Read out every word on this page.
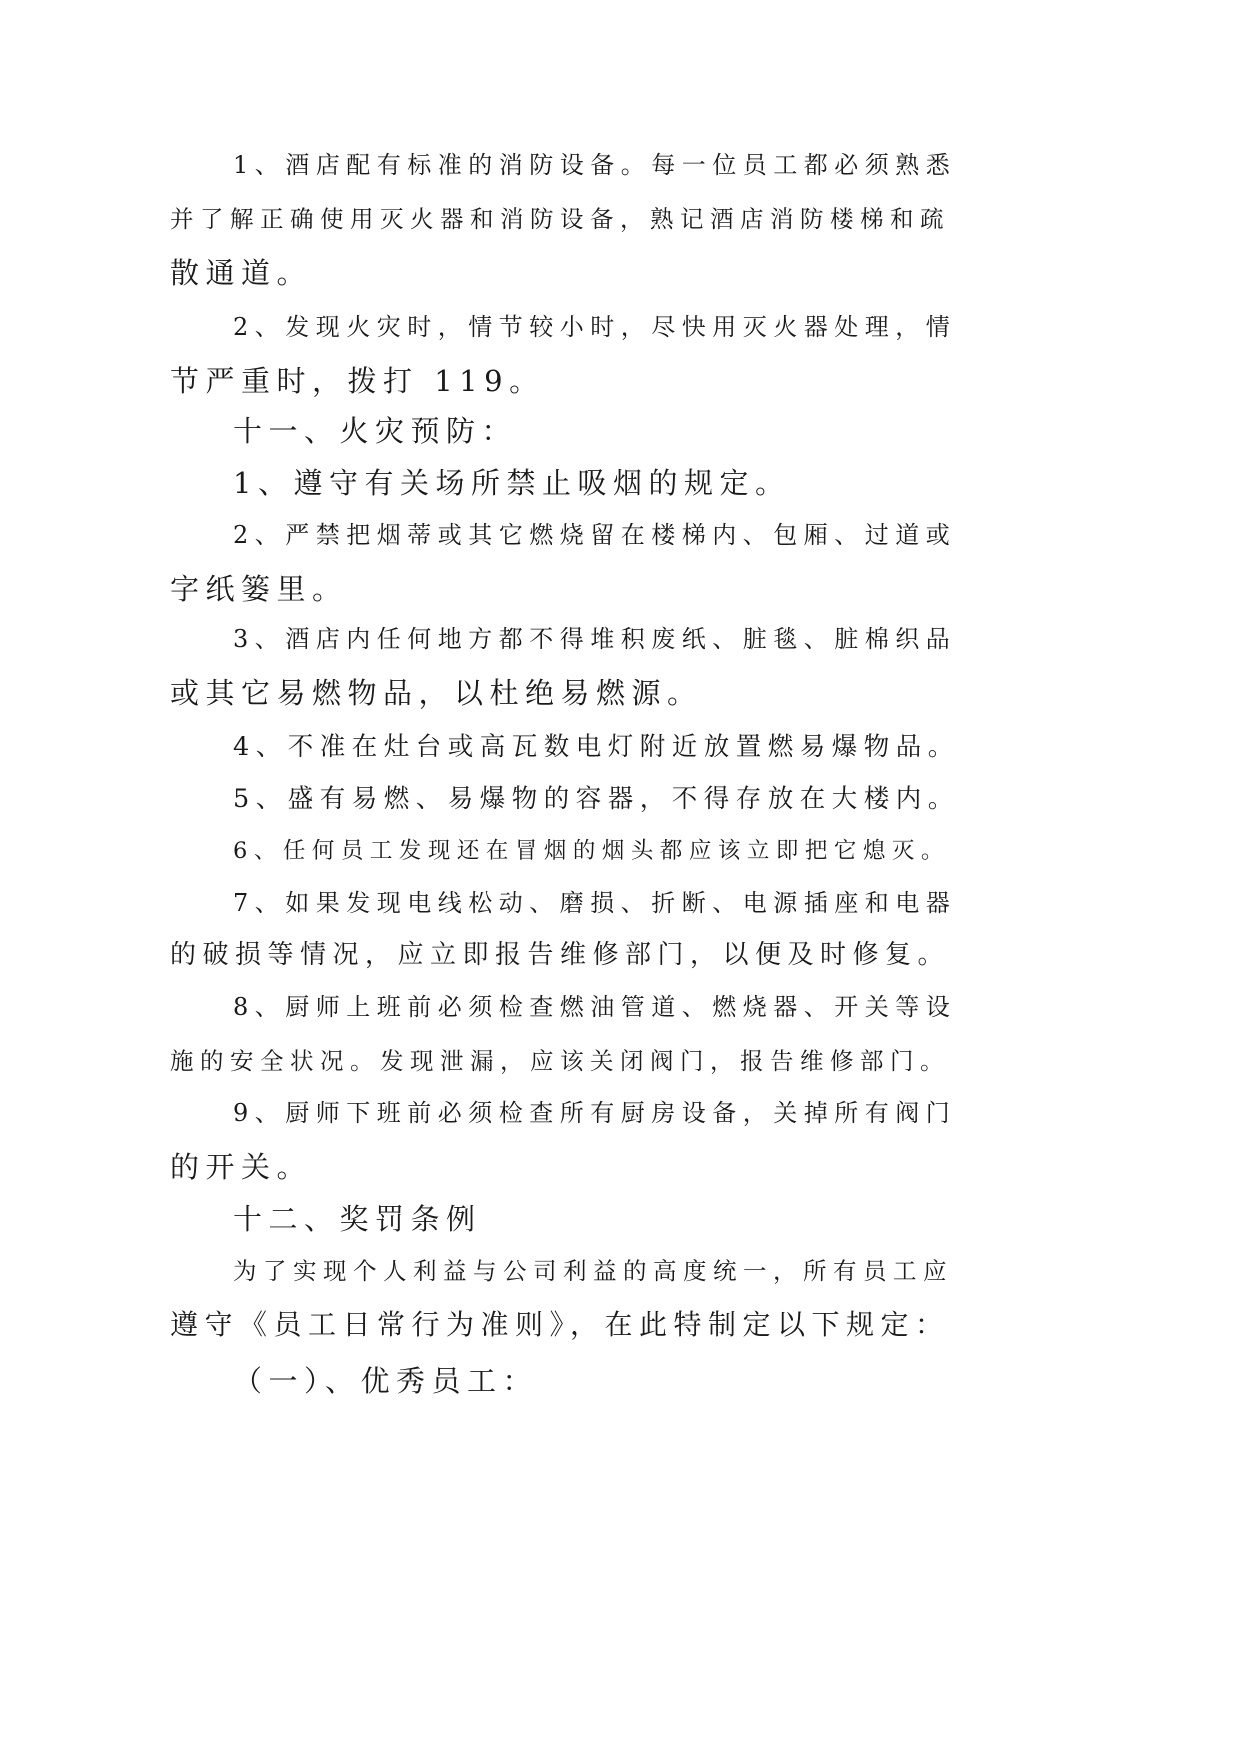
1、酒店配有标准的消防设备。每一位员工都必须熟悉
并了解正确使用灭火器和消防设备，熟记酒店消防楼梯和疏
散通道。
2、发现火灾时，情节较小时，尽快用灭火器处理，情
节严重时，拨打 119。
十一、火灾预防：
1、遵守有关场所禁止吸烟的规定。
2、严禁把烟蒂或其它燃烧留在楼梯内、包厢、过道或
字纸篓里。
3、酒店内任何地方都不得堆积废纸、脏毯、脏棉织品
或其它易燃物品，以杜绝易燃源。
4、不准在灶台或高瓦数电灯附近放置燃易爆物品。
5、盛有易燃、易爆物的容器，不得存放在大楼内。
6、任何员工发现还在冒烟的烟头都应该立即把它熄灭。
7、如果发现电线松动、磨损、折断、电源插座和电器
的破损等情况，应立即报告维修部门，以便及时修复。
8、厨师上班前必须检查燃油管道、燃烧器、开关等设
施的安全状况。发现泄漏，应该关闭阀门，报告维修部门。
9、厨师下班前必须检查所有厨房设备，关掉所有阀门
的开关。
十二、奖罚条例
为了实现个人利益与公司利益的高度统一，所有员工应
遵守《员工日常行为准则》，在此特制定以下规定：
（一）、优秀员工：
